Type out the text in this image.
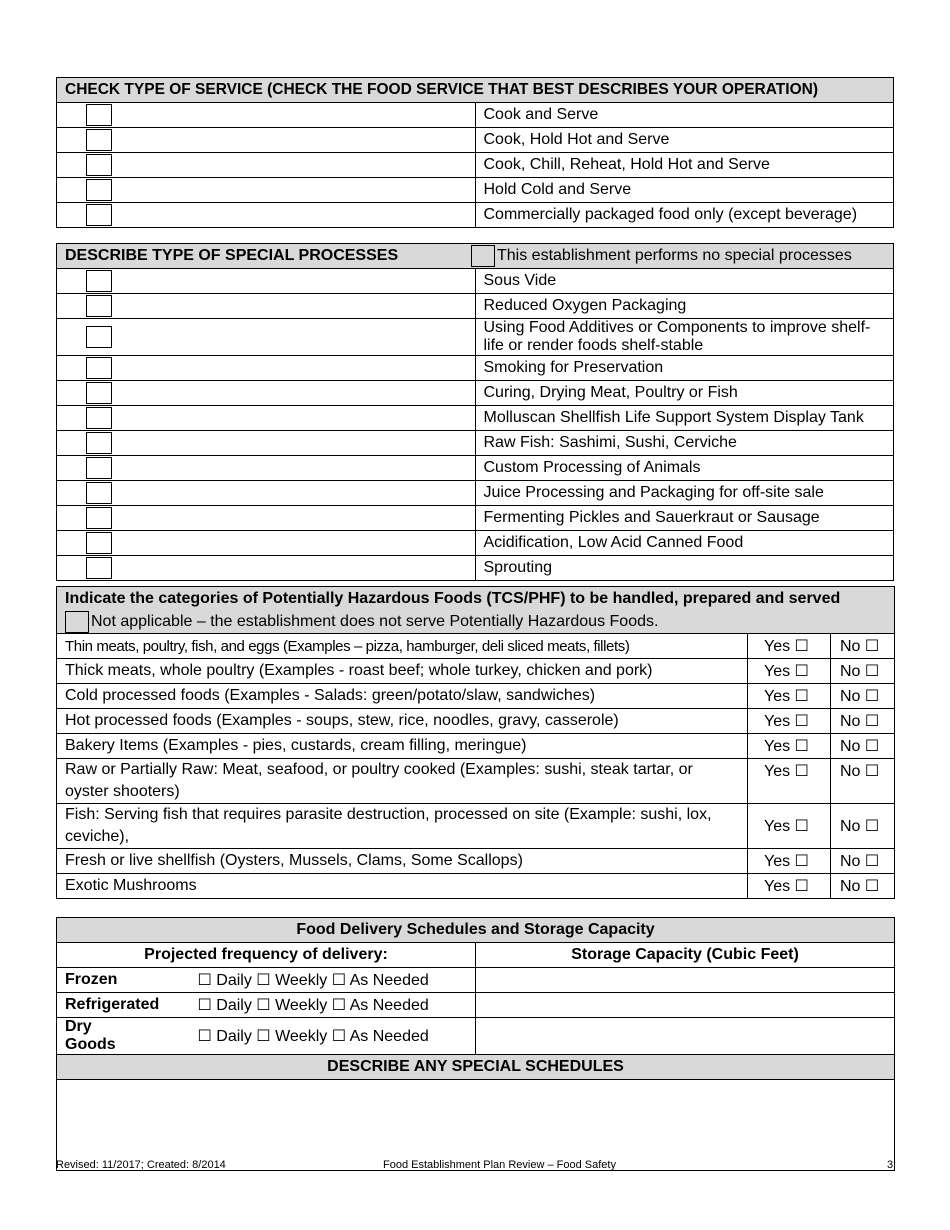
CHECK TYPE OF SERVICE (CHECK THE FOOD SERVICE THAT BEST DESCRIBES YOUR OPERATION)	
	Cook and Serve
	Cook, Hold Hot and Serve
	Cook, Chill, Reheat, Hold Hot and Serve
	Hold Cold and Serve
	Commercially packaged food only (except beverage)
DESCRIBE TYPE OF SPECIAL PROCESSES This establishment performs no special processes	

	Sous Vide
	Reduced Oxygen Packaging
	Using Food Additives or Components to improve shelf-life or render foods shelf-stable
	Smoking for Preservation
	Curing, Drying Meat, Poultry or Fish
	Molluscan Shellfish Life Support System Display Tank
	Raw Fish: Sashimi, Sushi, Cerviche
	Custom Processing of Animals
	Juice Processing and Packaging for off-site sale
	Fermenting Pickles and Sauerkraut or Sausage
	Acidification, Low Acid Canned Food
	Sprouting
Indicate the categories of Potentially Hazardous Foods (TCS/PHF) to be handled, prepared and served
Not applicable – the establishment does not serve Potentially Hazardous Foods.		

Thin meats, poultry, fish, and eggs (Examples – pizza, hamburger, deli sliced meats, fillets)	Yes ☐	No ☐
Thick meats, whole poultry (Examples - roast beef; whole turkey, chicken and pork)	Yes ☐	No ☐
Cold processed foods (Examples - Salads: green/potato/slaw, sandwiches)	Yes ☐	No ☐
Hot processed foods (Examples - soups, stew, rice, noodles, gravy, casserole)	Yes ☐	No ☐
Bakery Items (Examples - pies, custards, cream filling, meringue)	Yes ☐	No ☐
Raw or Partially Raw: Meat, seafood, or poultry cooked (Examples: sushi, steak tartar, or oyster shooters)	Yes ☐	No ☐
Fish: Serving fish that requires parasite destruction, processed on site (Example: sushi, lox, ceviche),	Yes ☐	No ☐
Fresh or live shellfish (Oysters, Mussels, Clams, Some Scallops)	Yes ☐	No ☐
Exotic Mushrooms	Yes ☐	No ☐
Food Delivery Schedules and Storage Capacity		
Projected frequency of delivery:		Storage Capacity (Cubic Feet)
Frozen	☐ Daily ☐ Weekly ☐ As Needed	
Refrigerated	☐ Daily ☐ Weekly ☐ As Needed	
Dry Goods	☐ Daily ☐ Weekly ☐ As Needed	
DESCRIBE ANY SPECIAL SCHEDULES		

Revised: 11/2017; Created: 8/2014	Food Establishment Plan Review – Food Safety	3
